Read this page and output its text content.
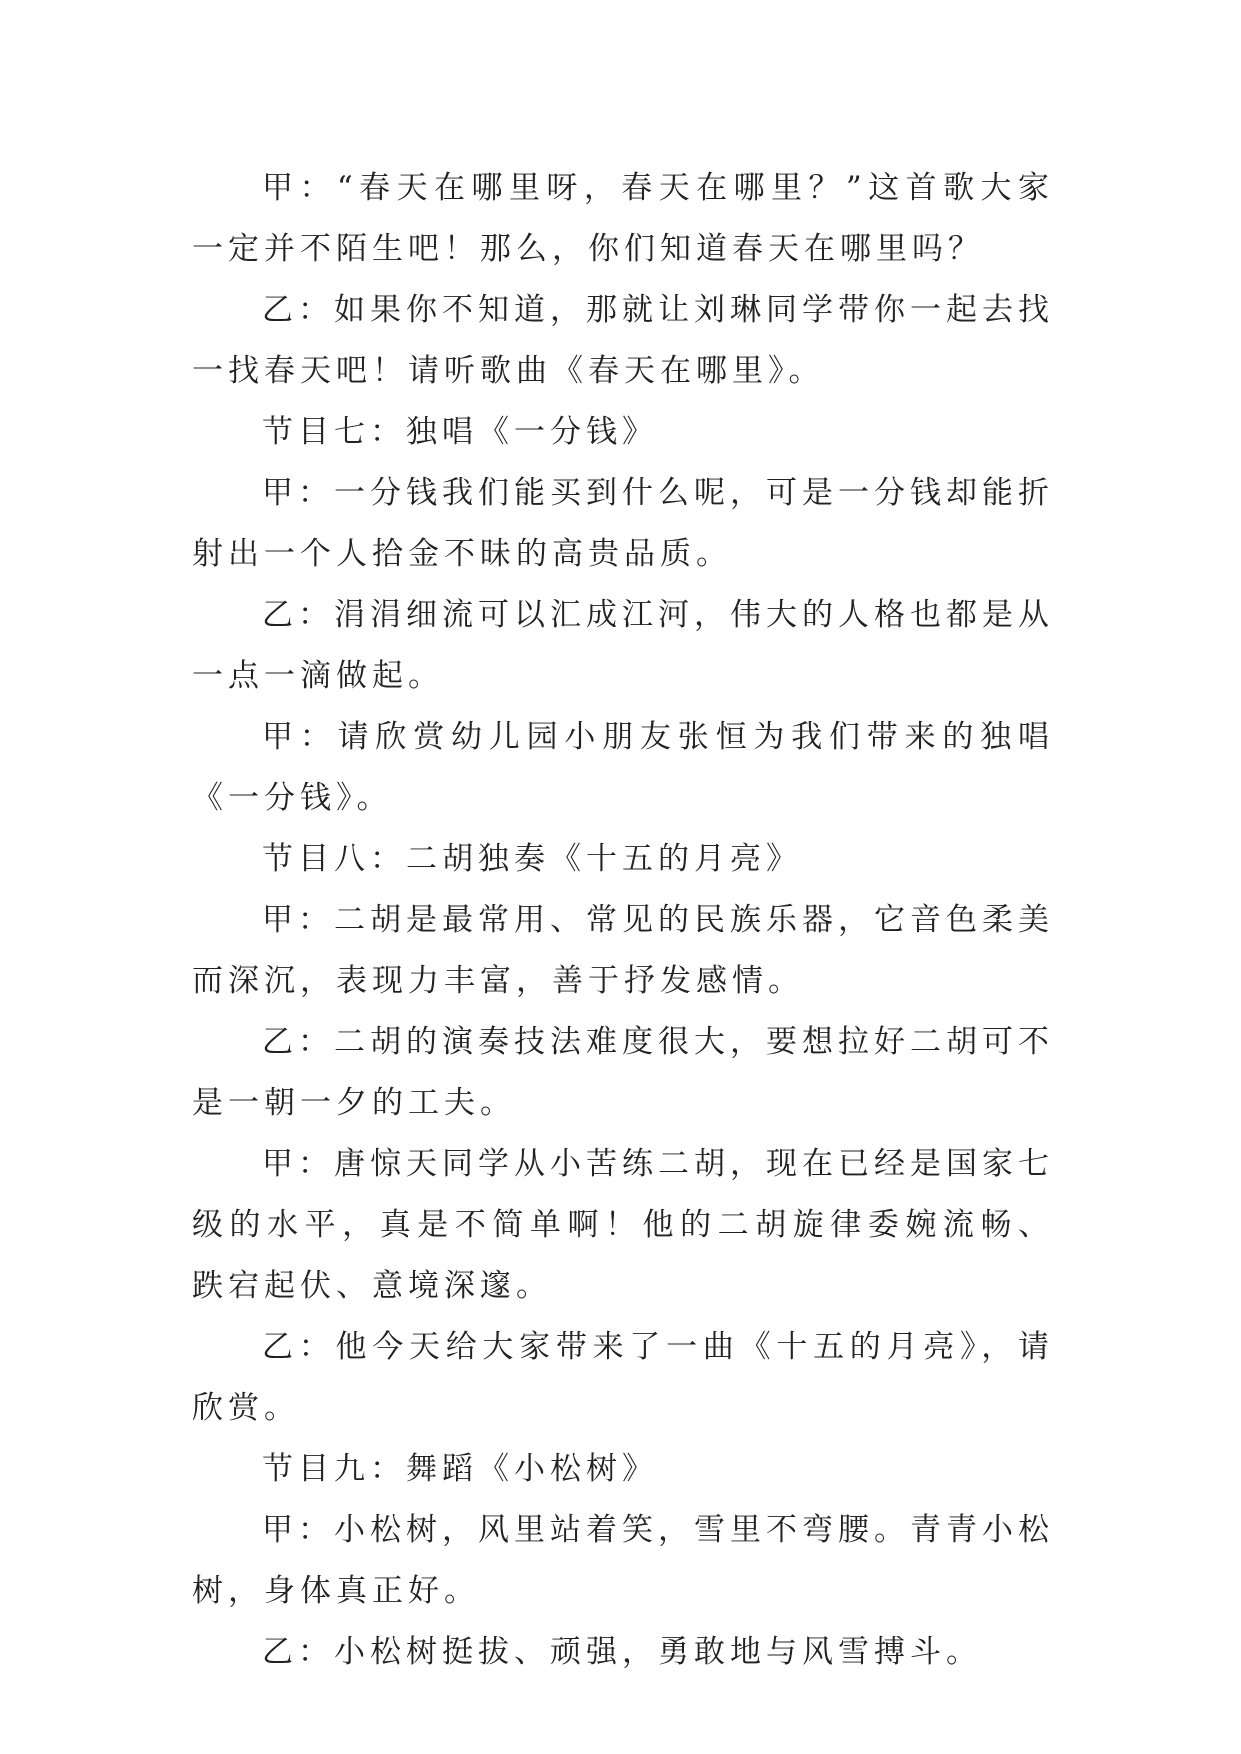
甲：“春天在哪里呀，春天在哪里？”这首歌大家一定并不陌生吧！那么，你们知道春天在哪里吗？

乙：如果你不知道，那就让刘琳同学带你一起去找一找春天吧！请听歌曲《春天在哪里》。

节目七：独唱《一分钱》

甲：一分钱我们能买到什么呢，可是一分钱却能折射出一个人拾金不昧的高贵品质。

乙：涓涓细流可以汇成江河，伟大的人格也都是从一点一滴做起。

甲：请欣赏幼儿园小朋友张恒为我们带来的独唱《一分钱》。

节目八：二胡独奏《十五的月亮》

甲：二胡是最常用、常见的民族乐器，它音色柔美而深沉，表现力丰富，善于抒发感情。

乙：二胡的演奏技法难度很大，要想拉好二胡可不是一朝一夕的工夫。

甲：唐惊天同学从小苦练二胡，现在已经是国家七级的水平，真是不简单啊！他的二胡旋律委婉流畅、跌宕起伏、意境深邃。

乙：他今天给大家带来了一曲《十五的月亮》，请欣赏。

节目九：舞蹈《小松树》

甲：小松树，风里站着笑，雪里不弯腰。青青小松树，身体真正好。

乙：小松树挺拔、顽强，勇敢地与风雪搏斗。
